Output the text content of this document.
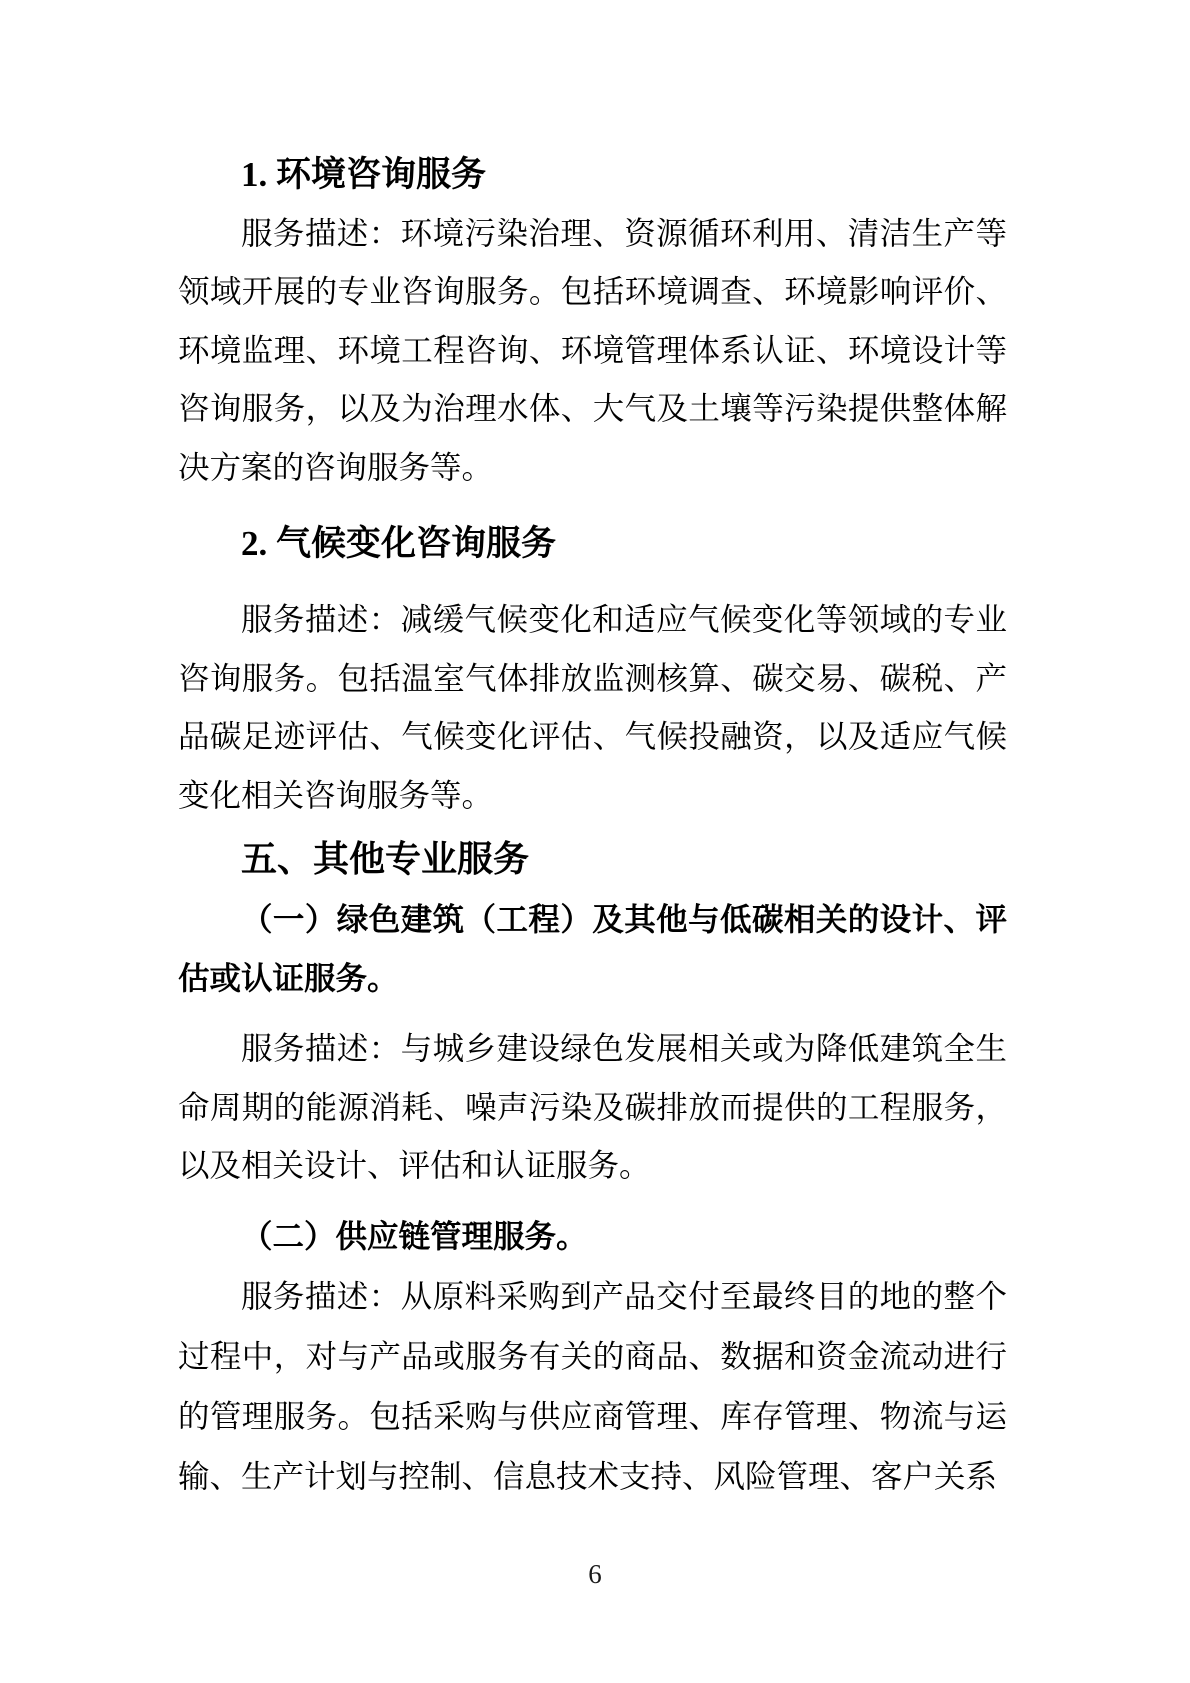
1. 环境咨询服务

服务描述：环境污染治理、资源循环利用、清洁生产等领域开展的专业咨询服务。包括环境调查、环境影响评价、环境监理、环境工程咨询、环境管理体系认证、环境设计等咨询服务，以及为治理水体、大气及土壤等污染提供整体解决方案的咨询服务等。

2. 气候变化咨询服务

服务描述：减缓气候变化和适应气候变化等领域的专业咨询服务。包括温室气体排放监测核算、碳交易、碳税、产品碳足迹评估、气候变化评估、气候投融资，以及适应气候变化相关咨询服务等。

五、其他专业服务
（一）绿色建筑（工程）及其他与低碳相关的设计、评估或认证服务。

服务描述：与城乡建设绿色发展相关或为降低建筑全生命周期的能源消耗、噪声污染及碳排放而提供的工程服务，以及相关设计、评估和认证服务。

（二）供应链管理服务。

服务描述：从原料采购到产品交付至最终目的地的整个过程中，对与产品或服务有关的商品、数据和资金流动进行的管理服务。包括采购与供应商管理、库存管理、物流与运输、生产计划与控制、信息技术支持、风险管理、客户关系

6
